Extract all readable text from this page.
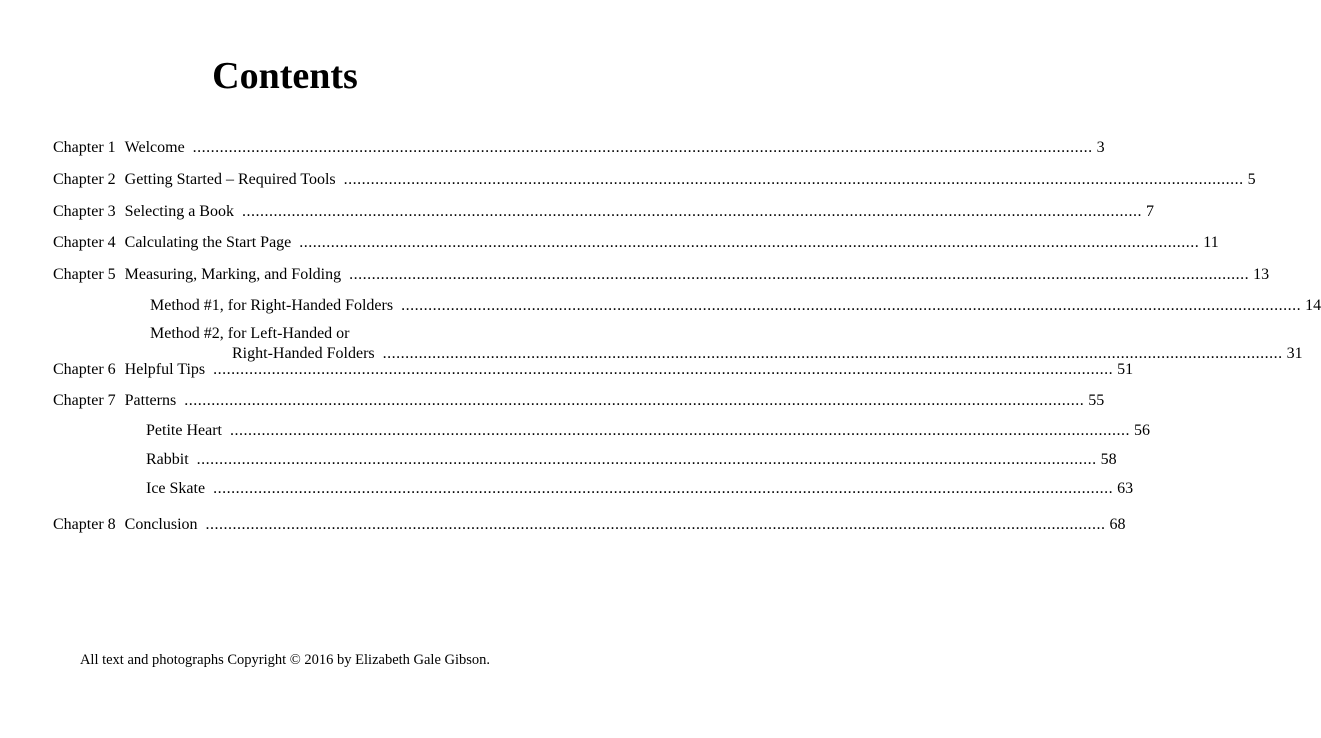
Contents
Chapter 1 Welcome ........................................................................................................................................................................................................ 3
Chapter 2 Getting Started – Required Tools ........................................................................................................................................................................................................ 5
Chapter 3 Selecting a Book ........................................................................................................................................................................................................ 7
Chapter 4 Calculating the Start Page ........................................................................................................................................................................................................ 11
Chapter 5 Measuring, Marking, and Folding ........................................................................................................................................................................................................ 13
Method #1, for Right-Handed Folders ........................................................................................................................................................................................................ 14
Method #2, for Left-Handed or
Right-Handed Folders ........................................................................................................................................................................................................ 31
Chapter 6 Helpful Tips ........................................................................................................................................................................................................ 51
Chapter 7 Patterns ........................................................................................................................................................................................................ 55
Petite Heart ........................................................................................................................................................................................................ 56
Rabbit ........................................................................................................................................................................................................ 58
Ice Skate ........................................................................................................................................................................................................ 63
Chapter 8 Conclusion ........................................................................................................................................................................................................ 68
All text and photographs Copyright © 2016 by Elizabeth Gale Gibson.
